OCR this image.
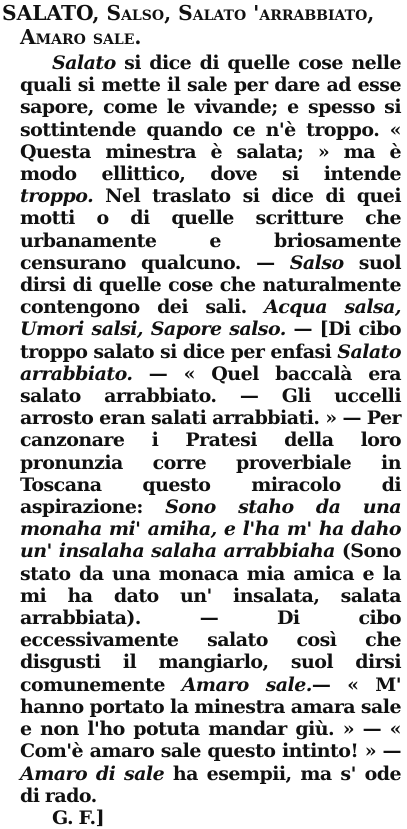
SALATO, Salso, Salato 'arrabbiato,
Amaro sale.
Salato si dice di quelle cose nelle quali si mette il sale per dare ad esse sapore, come le vivande; e spesso si sottintende quando ce n'è troppo. « Questa minestra è salata; » ma è modo ellittico, dove si intende troppo. Nel traslato si dice di quei motti o di quelle scritture che urbanamente e briosamente censurano qualcuno. — Salso suol dirsi di quelle cose che naturalmente contengono dei sali. Acqua salsa, Umori salsi, Sapore salso. — [Di cibo troppo salato si dice per enfasi Salato arrabbiato. — « Quel baccalà era salato arrabbiato. — Gli uccelli arrosto eran salati arrabbiati. » — Per canzonare i Pratesi della loro pronunzia corre proverbiale in Toscana questo miracolo di aspirazione: Sono staho da una monaha mi' amiha, e l'ha m' ha daho un' insalaha salaha arrabbiaha (Sono stato da una monaca mia amica e la mi ha dato un' insalata, salata arrabbiata). — Di cibo eccessivamente salato così che disgusti il mangiarlo, suol dirsi comunemente Amaro sale.— « M' hanno portato la minestra amara sale e non l'ho potuta mandar giù. » — « Com'è amaro sale questo intinto! » — Amaro di sale ha esempii, ma s' ode di rado.
G. F.]
